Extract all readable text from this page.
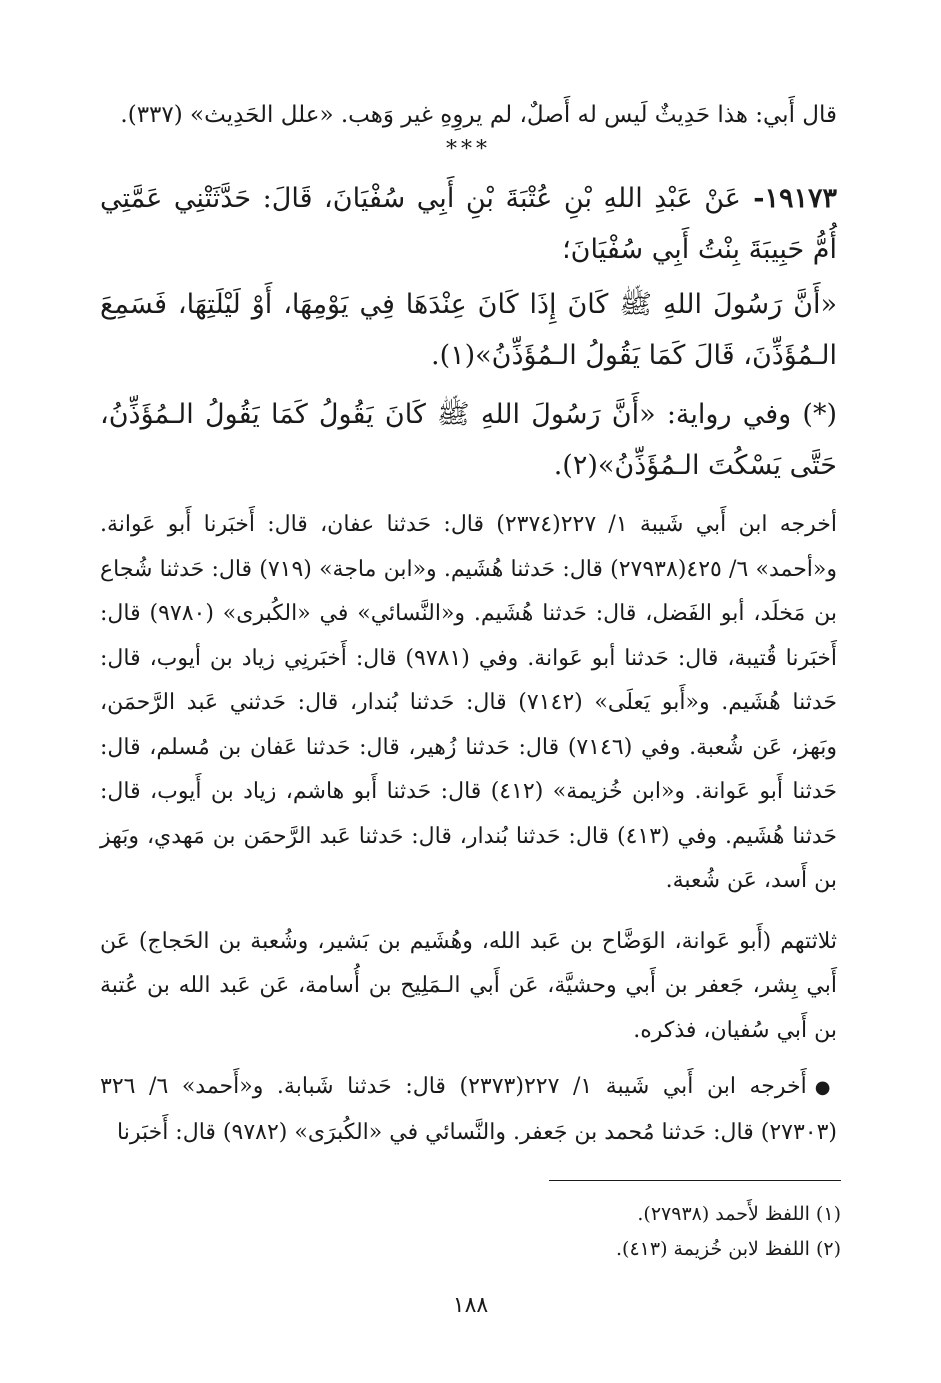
قال أَبي: هذا حَدِيثٌ لَيس له أَصلٌ، لم يروِهِ غير وَهب. «علل الحَدِيث» (٣٣٧).

***

١٩١٧٣- عَنْ عَبْدِ اللهِ بْنِ عُتْبَةَ بْنِ أَبِي سُفْيَانَ، قَالَ: حَدَّثَتْنِي عَمَّتِي أُمُّ حَبِيبَةَ بِنْتُ أَبِي سُفْيَانَ؛

«أَنَّ رَسُولَ اللهِ ﷺ كَانَ إِذَا كَانَ عِنْدَهَا فِي يَوْمِهَا، أَوْ لَيْلَتِهَا، فَسَمِعَ الـمُؤَذِّنَ، قَالَ كَمَا يَقُولُ الـمُؤَذِّنُ»(١).

(*) وفي رواية: «أَنَّ رَسُولَ اللهِ ﷺ كَانَ يَقُولُ كَمَا يَقُولُ الـمُؤَذِّنُ، حَتَّى يَسْكُتَ الـمُؤَذِّنُ»(٢).

أخرجه ابن أَبي شَيبة ١/ ٢٢٧(٢٣٧٤) قال: حَدثنا عفان، قال: أَخبَرنا أَبو عَوانة. و«أحمد» ٦/ ٤٢٥(٢٧٩٣٨) قال: حَدثنا هُشَيم. و«ابن ماجة» (٧١٩) قال: حَدثنا شُجاع بن مَخلَد، أبو الفَضل، قال: حَدثنا هُشَيم. و«النَّسائي» في «الكُبرى» (٩٧٨٠) قال: أَخبَرنا قُتيبة، قال: حَدثنا أبو عَوانة. وفي (٩٧٨١) قال: أَخبَرنِي زياد بن أيوب، قال: حَدثنا هُشَيم. و«أَبو يَعلَى» (٧١٤٢) قال: حَدثنا بُندار، قال: حَدثني عَبد الرَّحمَن، وبَهز، عَن شُعبة. وفي (٧١٤٦) قال: حَدثنا زُهير، قال: حَدثنا عَفان بن مُسلم، قال: حَدثنا أَبو عَوانة. و«ابن خُزيمة» (٤١٢) قال: حَدثنا أَبو هاشم، زياد بن أَيوب، قال: حَدثنا هُشَيم. وفي (٤١٣) قال: حَدثنا بُندار، قال: حَدثنا عَبد الرَّحمَن بن مَهدي، وبَهز بن أَسد، عَن شُعبة.

ثلاثتهم (أَبو عَوانة، الوَضَّاح بن عَبد الله، وهُشَيم بن بَشير، وشُعبة بن الحَجاج) عَن أَبي بِشر، جَعفر بن أَبي وحشيَّة، عَن أَبي الـمَلِيح بن أُسامة، عَن عَبد الله بن عُتبة بن أَبي سُفيان، فذكره.

●أَخرجه ابن أَبي شَيبة ١/ ٢٢٧(٢٣٧٣) قال: حَدثنا شَبابة. و«أَحمد» ٦/ ٣٢٦ (٢٧٣٠٣) قال: حَدثنا مُحمد بن جَعفر. والنَّسائي في «الكُبرَى» (٩٧٨٢) قال: أَخبَرنا

(١) اللفظ لأَحمد (٢٧٩٣٨).

(٢) اللفظ لابن خُزيمة (٤١٣).

١٨٨
